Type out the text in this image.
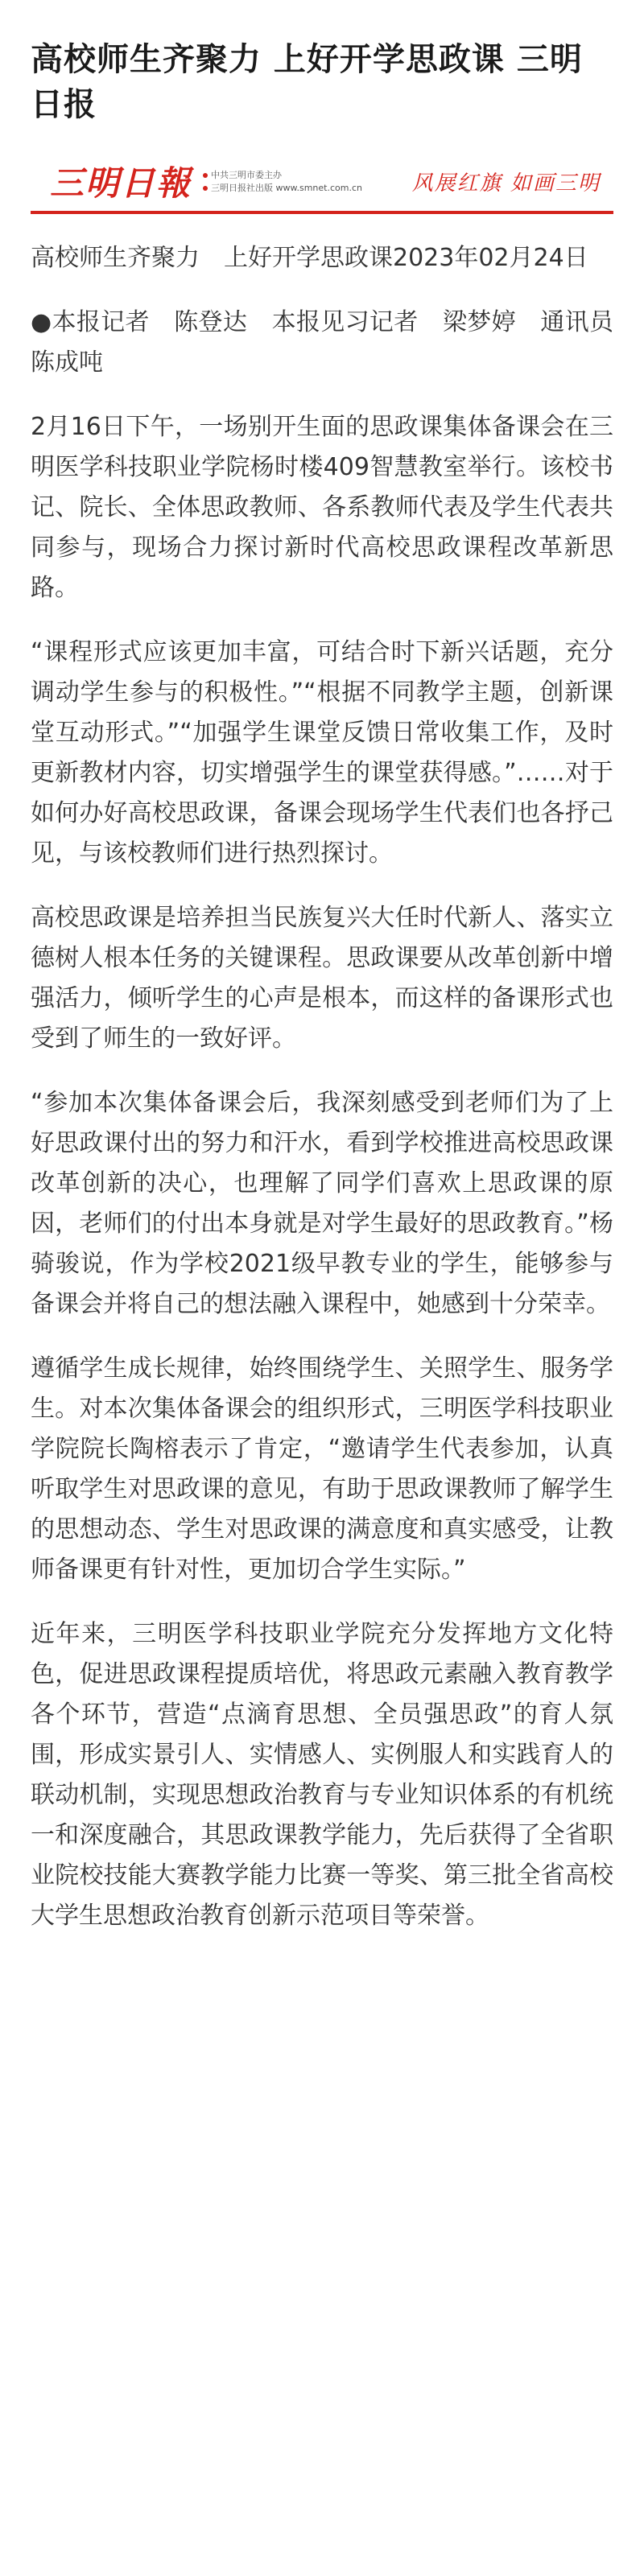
高校师生齐聚力 上好开学思政课 三明日报
三明日報	中共三明市委主办
三明日报社出版 www.smnet.com.cn 风展红旗 如画三明

高校师生齐聚力　上好开学思政课2023年02月24日

●本报记者　陈登达　本报见习记者　梁梦婷　通讯员　陈成吨

2月16日下午，一场别开生面的思政课集体备课会在三明医学科技职业学院杨时楼409智慧教室举行。该校书记、院长、全体思政教师、各系教师代表及学生代表共同参与，现场合力探讨新时代高校思政课程改革新思路。

“课程形式应该更加丰富，可结合时下新兴话题，充分调动学生参与的积极性。”“根据不同教学主题，创新课堂互动形式。”“加强学生课堂反馈日常收集工作，及时更新教材内容，切实增强学生的课堂获得感。”……对于如何办好高校思政课，备课会现场学生代表们也各抒己见，与该校教师们进行热烈探讨。

高校思政课是培养担当民族复兴大任时代新人、落实立德树人根本任务的关键课程。思政课要从改革创新中增强活力，倾听学生的心声是根本，而这样的备课形式也受到了师生的一致好评。

“参加本次集体备课会后，我深刻感受到老师们为了上好思政课付出的努力和汗水，看到学校推进高校思政课改革创新的决心，也理解了同学们喜欢上思政课的原因，老师们的付出本身就是对学生最好的思政教育。”杨骑骏说，作为学校2021级早教专业的学生，能够参与备课会并将自己的想法融入课程中，她感到十分荣幸。

遵循学生成长规律，始终围绕学生、关照学生、服务学生。对本次集体备课会的组织形式，三明医学科技职业学院院长陶榕表示了肯定，“邀请学生代表参加，认真听取学生对思政课的意见，有助于思政课教师了解学生的思想动态、学生对思政课的满意度和真实感受，让教师备课更有针对性，更加切合学生实际。”

近年来，三明医学科技职业学院充分发挥地方文化特色，促进思政课程提质培优，将思政元素融入教育教学各个环节，营造“点滴育思想、全员强思政”的育人氛围，形成实景引人、实情感人、实例服人和实践育人的联动机制，实现思想政治教育与专业知识体系的有机统一和深度融合，其思政课教学能力，先后获得了全省职业院校技能大赛教学能力比赛一等奖、第三批全省高校大学生思想政治教育创新示范项目等荣誉。
